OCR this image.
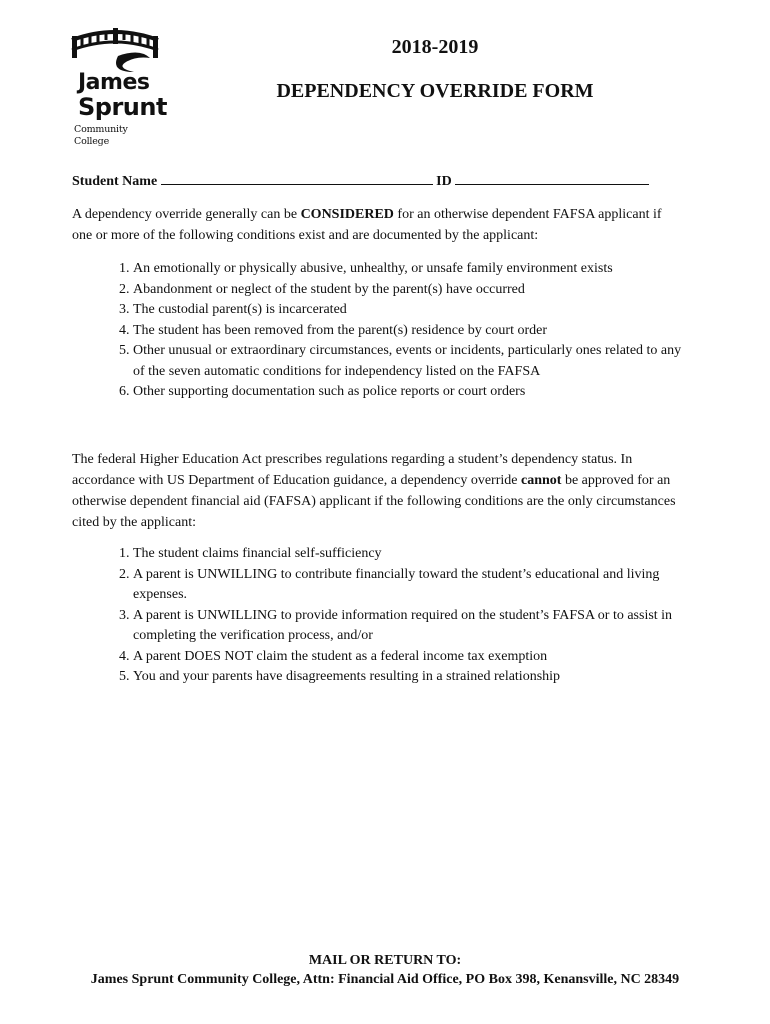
James
Sprunt
Community College
2018-2019
DEPENDENCY OVERRIDE FORM
Student Name	ID
A dependency override generally can be CONSIDERED for an otherwise dependent FAFSA applicant if one or more of the following conditions exist and are documented by the applicant:
1. An emotionally or physically abusive, unhealthy, or unsafe family environment exists
2. Abandonment or neglect of the student by the parent(s) have occurred
3. The custodial parent(s) is incarcerated
4. The student has been removed from the parent(s) residence by court order
5. Other unusual or extraordinary circumstances, events or incidents, particularly ones related to any of the seven automatic conditions for independency listed on the FAFSA
6. Other supporting documentation such as police reports or court orders
The federal Higher Education Act prescribes regulations regarding a student’s dependency status. In accordance with US Department of Education guidance, a dependency override cannot be approved for an otherwise dependent financial aid (FAFSA) applicant if the following conditions are the only circumstances cited by the applicant:
1. The student claims financial self-sufficiency
2. A parent is UNWILLING to contribute financially toward the student’s educational and living expenses.
3. A parent is UNWILLING to provide information required on the student’s FAFSA or to assist in completing the verification process, and/or
4. A parent DOES NOT claim the student as a federal income tax exemption
5. You and your parents have disagreements resulting in a strained relationship
MAIL OR RETURN TO:
James Sprunt Community College, Attn: Financial Aid Office, PO Box 398, Kenansville, NC 28349
